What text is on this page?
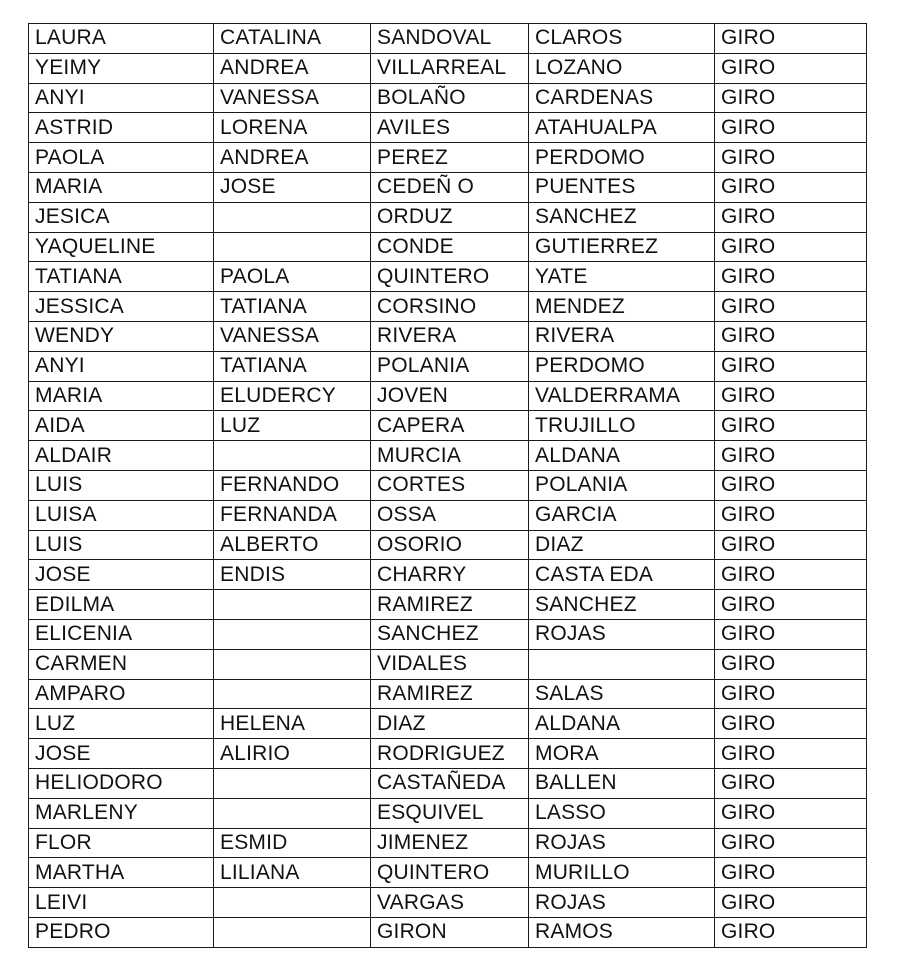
LAURA	CATALINA	SANDOVAL	CLAROS	GIRO
YEIMY	ANDREA	VILLARREAL	LOZANO	GIRO
ANYI	VANESSA	BOLAÑO	CARDENAS	GIRO
ASTRID	LORENA	AVILES	ATAHUALPA	GIRO
PAOLA	ANDREA	PEREZ	PERDOMO	GIRO
MARIA	JOSE	CEDEÑ O	PUENTES	GIRO
JESICA		ORDUZ	SANCHEZ	GIRO
YAQUELINE		CONDE	GUTIERREZ	GIRO
TATIANA	PAOLA	QUINTERO	YATE	GIRO
JESSICA	TATIANA	CORSINO	MENDEZ	GIRO
WENDY	VANESSA	RIVERA	RIVERA	GIRO
ANYI	TATIANA	POLANIA	PERDOMO	GIRO
MARIA	ELUDERCY	JOVEN	VALDERRAMA	GIRO
AIDA	LUZ	CAPERA	TRUJILLO	GIRO
ALDAIR		MURCIA	ALDANA	GIRO
LUIS	FERNANDO	CORTES	POLANIA	GIRO
LUISA	FERNANDA	OSSA	GARCIA	GIRO
LUIS	ALBERTO	OSORIO	DIAZ	GIRO
JOSE	ENDIS	CHARRY	CASTA EDA	GIRO
EDILMA		RAMIREZ	SANCHEZ	GIRO
ELICENIA		SANCHEZ	ROJAS	GIRO
CARMEN		VIDALES		GIRO
AMPARO		RAMIREZ	SALAS	GIRO
LUZ	HELENA	DIAZ	ALDANA	GIRO
JOSE	ALIRIO	RODRIGUEZ	MORA	GIRO
HELIODORO		CASTAÑEDA	BALLEN	GIRO
MARLENY		ESQUIVEL	LASSO	GIRO
FLOR	ESMID	JIMENEZ	ROJAS	GIRO
MARTHA	LILIANA	QUINTERO	MURILLO	GIRO
LEIVI		VARGAS	ROJAS	GIRO
PEDRO		GIRON	RAMOS	GIRO
